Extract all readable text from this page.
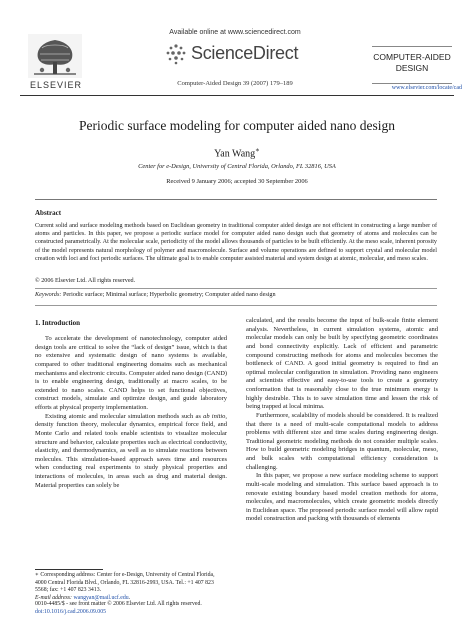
ELSEVIER
Available online at www.sciencedirect.com
ScienceDirect
Computer-Aided Design 39 (2007) 179–189
COMPUTER-AIDED
DESIGN
www.elsevier.com/locate/cad
Periodic surface modeling for computer aided nano design
Yan Wang∗
Center for e-Design, University of Central Florida, Orlando, FL 32816, USA
Received 9 January 2006; accepted 30 September 2006
Abstract
Current solid and surface modeling methods based on Euclidean geometry in traditional computer aided design are not efficient in constructing a large number of atoms and particles. In this paper, we propose a periodic surface model for computer aided nano design such that geometry of atoms and molecules can be constructed parametrically. At the molecular scale, periodicity of the model allows thousands of particles to be built efficiently. At the meso scale, inherent porosity of the model represents natural morphology of polymer and macromolecule. Surface and volume operations are defined to support crystal and molecular model creation with loci and foci periodic surfaces. The ultimate goal is to enable computer assisted material and system design at atomic, molecular, and meso scales.
© 2006 Elsevier Ltd. All rights reserved.
Keywords: Periodic surface; Minimal surface; Hyperbolic geometry; Computer aided nano design
1. Introduction

To accelerate the development of nanotechnology, computer aided design tools are critical to solve the “lack of design” issue, which is that no extensive and systematic design of nano systems is available, compared to other traditional engineering domains such as mechanical mechanisms and electronic circuits. Computer aided nano design (CAND) is to enable engineering design, traditionally at macro scales, to be extended to nano scales. CAND helps to set functional objectives, construct models, simulate and optimize design, and guide laboratory efforts at physical property implementation.

Existing atomic and molecular simulation methods such as ab initio, density function theory, molecular dynamics, empirical force field, and Monte Carlo and related tools enable scientists to visualize molecular structure and behavior, calculate properties such as electrical conductivity, elasticity, and thermodynamics, as well as to simulate reactions between molecules. This simulation-based approach saves time and resources when conducting real experiments to study physical properties and interactions of molecules, in areas such as drug and material design. Material properties can solely be

calculated, and the results become the input of bulk-scale finite element analysis. Nevertheless, in current simulation systems, atomic and molecular models can only be built by specifying geometric coordinates and bond connectivity explicitly. Lack of efficient and parametric compound constructing methods for atoms and molecules becomes the bottleneck of CAND. A good initial geometry is required to find an optimal molecular configuration in simulation. Providing nano engineers and scientists effective and easy-to-use tools to create a geometry conformation that is reasonably close to the true minimum energy is highly desirable. This is to save simulation time and lessen the risk of being trapped at local minima.

Furthermore, scalability of models should be considered. It is realized that there is a need of multi-scale computational models to address problems with different size and time scales during engineering design. Traditional geometric modeling methods do not consider multiple scales. How to build geometric modeling bridges in quantum, molecular, meso, and bulk scales with computational efficiency consideration is challenging.

In this paper, we propose a new surface modeling scheme to support multi-scale modeling and simulation. This surface based approach is to renovate existing boundary based model creation methods for atoms, molecules, and macromolecules, which create geometric models directly in Euclidean space. The proposed periodic surface model will allow rapid model construction and packing with thousands of elements

∗ Corresponding address: Center for e-Design, University of Central Florida, 4000 Central Florida Blvd., Orlando, FL 32816-2993, USA. Tel.: +1 407 823 5568; fax: +1 407 823 3413.
E-mail address: wangyan@mail.ucf.edu.
0010-4485/$ - see front matter © 2006 Elsevier Ltd. All rights reserved.
doi:10.1016/j.cad.2006.09.005
